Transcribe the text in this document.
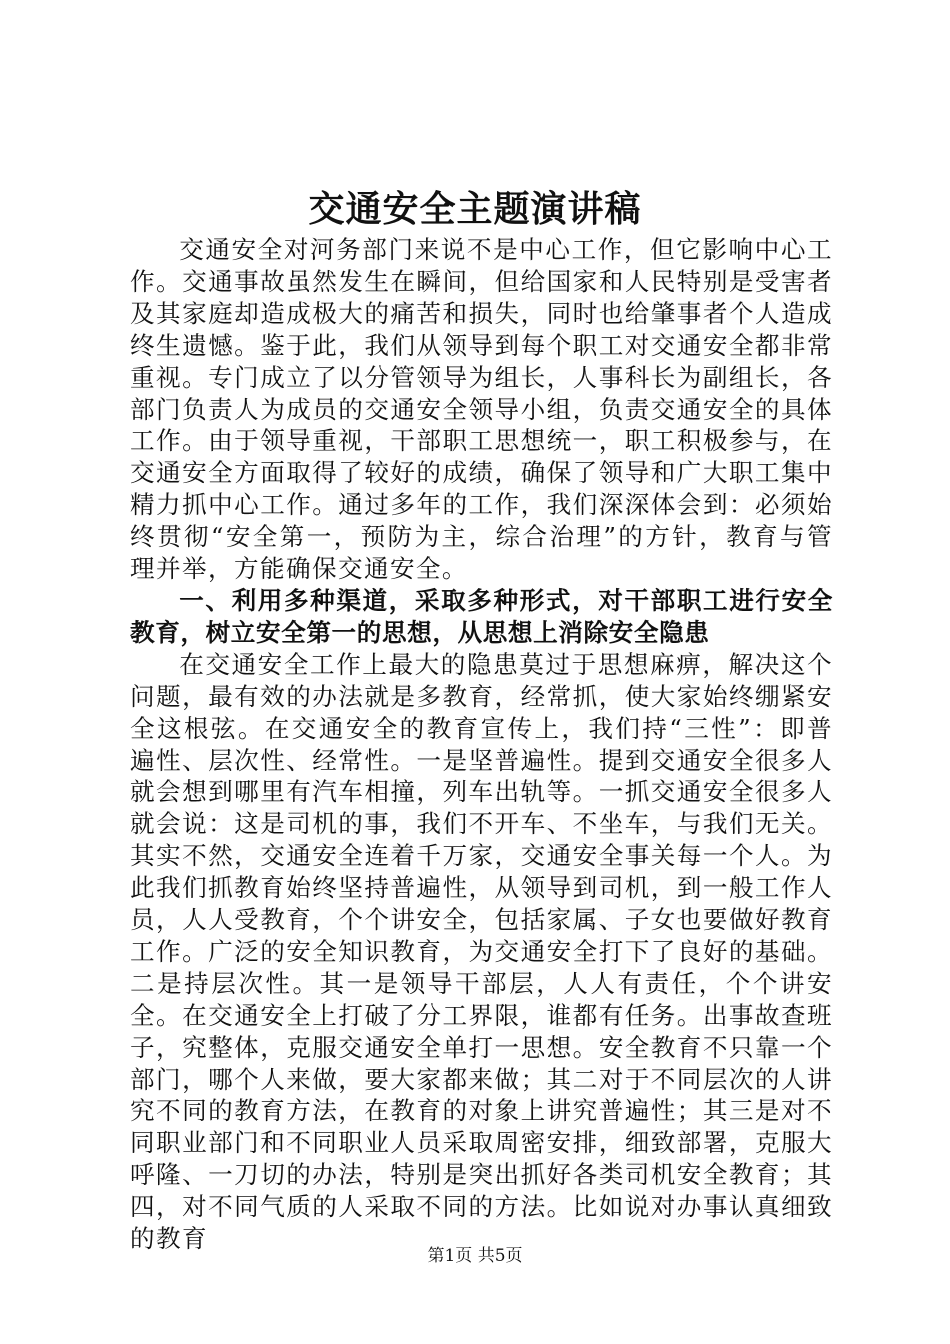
交通安全主题演讲稿

交通安全对河务部门来说不是中心工作，但它影响中心工作。交通事故虽然发生在瞬间，但给国家和人民特别是受害者及其家庭却造成极大的痛苦和损失，同时也给肇事者个人造成终生遗憾。鉴于此，我们从领导到每个职工对交通安全都非常重视。专门成立了以分管领导为组长，人事科长为副组长，各部门负责人为成员的交通安全领导小组，负责交通安全的具体工作。由于领导重视，干部职工思想统一，职工积极参与，在交通安全方面取得了较好的成绩，确保了领导和广大职工集中精力抓中心工作。通过多年的工作，我们深深体会到：必须始终贯彻“安全第一，预防为主，综合治理”的方针，教育与管理并举，方能确保交通安全。

一、利用多种渠道，采取多种形式，对干部职工进行安全教育，树立安全第一的思想，从思想上消除安全隐患

在交通安全工作上最大的隐患莫过于思想麻痹，解决这个问题，最有效的办法就是多教育，经常抓，使大家始终绷紧安全这根弦。在交通安全的教育宣传上，我们持“三性”：即普遍性、层次性、经常性。一是坚普遍性。提到交通安全很多人就会想到哪里有汽车相撞，列车出轨等。一抓交通安全很多人就会说：这是司机的事，我们不开车、不坐车，与我们无关。其实不然，交通安全连着千万家，交通安全事关每一个人。为此我们抓教育始终坚持普遍性，从领导到司机，到一般工作人员，人人受教育，个个讲安全，包括家属、子女也要做好教育工作。广泛的安全知识教育，为交通安全打下了良好的基础。二是持层次性。其一是领导干部层，人人有责任，个个讲安全。在交通安全上打破了分工界限，谁都有任务。出事故查班子，究整体，克服交通安全单打一思想。安全教育不只靠一个部门，哪个人来做，要大家都来做；其二对于不同层次的人讲究不同的教育方法，在教育的对象上讲究普遍性；其三是对不同职业部门和不同职业人员采取周密安排，细致部署，克服大呼隆、一刀切的办法，特别是突出抓好各类司机安全教育；其四，对不同气质的人采取不同的方法。比如说对办事认真细致的教育

第1页 共5页
